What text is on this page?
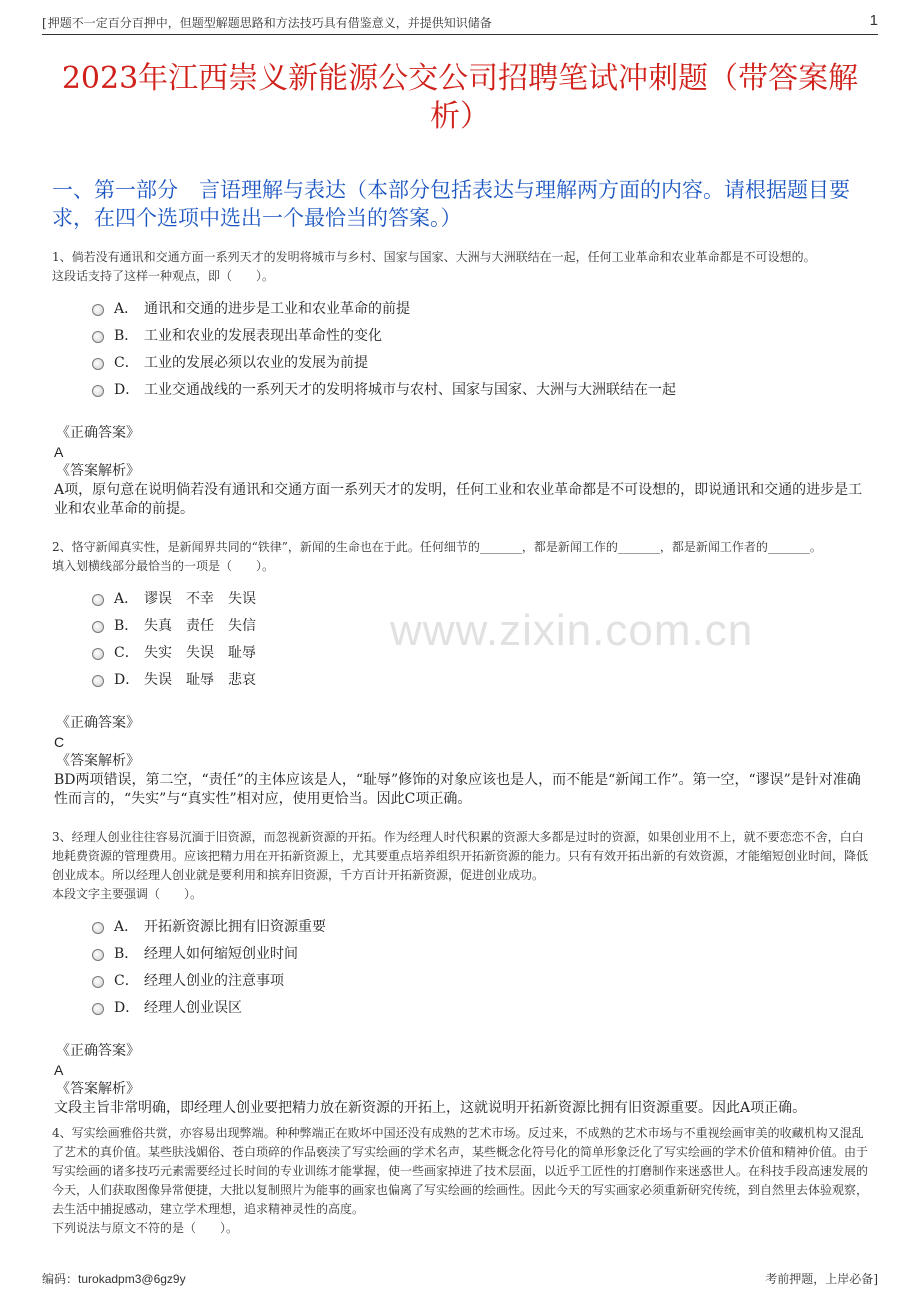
[押题不一定百分百押中，但题型解题思路和方法技巧具有借鉴意义，并提供知识储备	1
2023年江西崇义新能源公交公司招聘笔试冲刺题（带答案解析）
一、第一部分　言语理解与表达（本部分包括表达与理解两方面的内容。请根据题目要求，在四个选项中选出一个最恰当的答案。）
www.zixin.com.cn

1、倘若没有通讯和交通方面一系列天才的发明将城市与乡村、国家与国家、大洲与大洲联结在一起，任何工业革命和农业革命都是不可设想的。

这段话支持了这样一种观点，即（　　）。

A． 通讯和交通的进步是工业和农业革命的前提
B． 工业和农业的发展表现出革命性的变化
C． 工业的发展必须以农业的发展为前提
D． 工业交通战线的一系列天才的发明将城市与农村、国家与国家、大洲与大洲联结在一起
《正确答案》
A
《答案解析》

A项，原句意在说明倘若没有通讯和交通方面一系列天才的发明，任何工业和农业革命都是不可设想的，即说通讯和交通的进步是工业和农业革命的前提。

2、恪守新闻真实性，是新闻界共同的“铁律”，新闻的生命也在于此。任何细节的_______，都是新闻工作的_______，都是新闻工作者的_______。

填入划横线部分最恰当的一项是（　　）。

A． 谬误　不幸　失误
B． 失真　责任　失信
C． 失实　失误　耻辱
D． 失误　耻辱　悲哀
《正确答案》
C
《答案解析》

BD两项错误，第二空，“责任”的主体应该是人，“耻辱”修饰的对象应该也是人，而不能是“新闻工作”。第一空，“谬误”是针对准确性而言的，“失实”与“真实性”相对应，使用更恰当。因此C项正确。

3、经理人创业往往容易沉湎于旧资源，而忽视新资源的开拓。作为经理人时代积累的资源大多都是过时的资源，如果创业用不上，就不要恋恋不舍，白白地耗费资源的管理费用。应该把精力用在开拓新资源上，尤其要重点培养组织开拓新资源的能力。只有有效开拓出新的有效资源，才能缩短创业时间，降低创业成本。所以经理人创业就是要利用和摈弃旧资源，千方百计开拓新资源，促进创业成功。

本段文字主要强调（　　）。

A． 开拓新资源比拥有旧资源重要
B． 经理人如何缩短创业时间
C． 经理人创业的注意事项
D． 经理人创业误区
《正确答案》
A
《答案解析》

文段主旨非常明确，即经理人创业要把精力放在新资源的开拓上，这就说明开拓新资源比拥有旧资源重要。因此A项正确。

4、写实绘画雅俗共赏，亦容易出现弊端。种种弊端正在败坏中国还没有成熟的艺术市场。反过来，不成熟的艺术市场与不重视绘画审美的收藏机构又混乱了艺术的真价值。某些肤浅媚俗、苍白琐碎的作品亵渎了写实绘画的学术名声，某些概念化符号化的简单形象泛化了写实绘画的学术价值和精神价值。由于写实绘画的诸多技巧元素需要经过长时间的专业训练才能掌握，使一些画家掉进了技术层面，以近乎工匠性的打磨制作来迷惑世人。在科技手段高速发展的今天，人们获取图像异常便捷，大批以复制照片为能事的画家也偏离了写实绘画的绘画性。因此今天的写实画家必须重新研究传统，到自然里去体验观察，去生活中捕捉感动，建立学术理想，追求精神灵性的高度。

下列说法与原文不符的是（　　）。

编码：turokadpm3@6gz9y	考前押题，上岸必备]
